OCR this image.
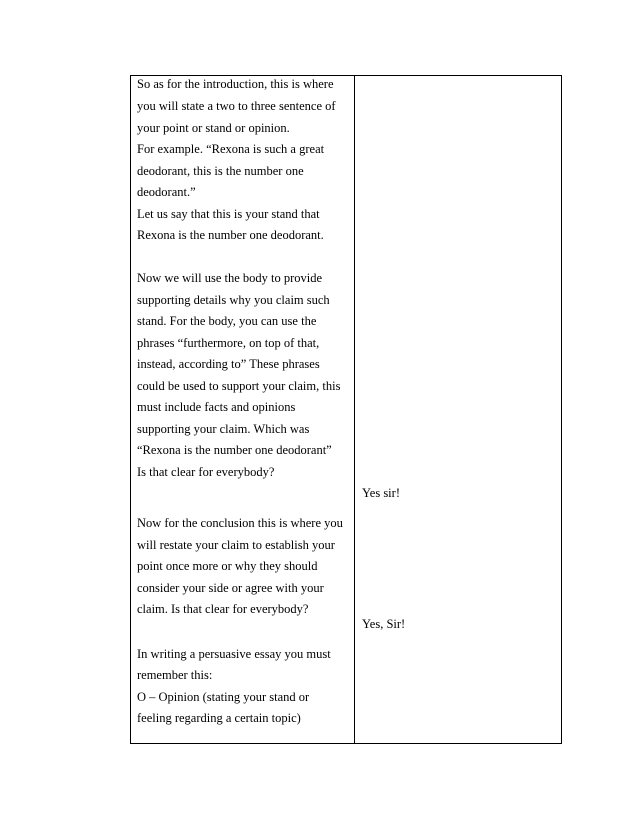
So as for the introduction, this is where
you will state a two to three sentence of
your point or stand or opinion.
For example. “Rexona is such a great
deodorant, this is the number one
deodorant.”
Let us say that this is your stand that
Rexona is the number one deodorant.
Now we will use the body to provide
supporting details why you claim such
stand. For the body, you can use the
phrases “furthermore, on top of that,
instead, according to” These phrases
could be used to support your claim, this
must include facts and opinions
supporting your claim. Which was
“Rexona is the number one deodorant”
Is that clear for everybody?
Now for the conclusion this is where you
will restate your claim to establish your
point once more or why they should
consider your side or agree with your
claim. Is that clear for everybody?
In writing a persuasive essay you must
remember this:
O – Opinion (stating your stand or
feeling regarding a certain topic)
Yes sir!
Yes, Sir!
